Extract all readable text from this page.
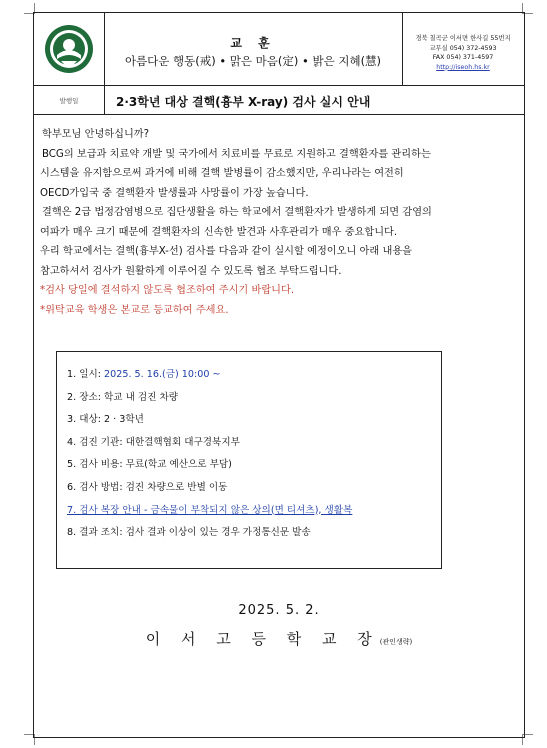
교 훈
아름다운 행동(戒) • 맑은 마음(定) • 밝은 지혜(慧)
경북 칠곡군 이서면 한사길 55번지
교무실 054) 372-4593
FAX 054) 371-4597
http://iseoh.hs.kr
발행일	2·3학년 대상 결핵(흉부 X-ray) 검사 실시 안내

학부모님 안녕하십니까?

BCG의 보급과 치료약 개발 및 국가에서 치료비를 무료로 지원하고 결핵환자를 관리하는

시스템을 유지함으로써 과거에 비해 결핵 발병률이 감소했지만, 우리나라는 여전히

OECD가입국 중 결핵환자 발생률과 사망률이 가장 높습니다.

결핵은 2급 법정감염병으로 집단생활을 하는 학교에서 결핵환자가 발생하게 되면 감염의

여파가 매우 크기 때문에 결핵환자의 신속한 발견과 사후관리가 매우 중요합니다.

우리 학교에서는 결핵(흉부X-선) 검사를 다음과 같이 실시할 예정이오니 아래 내용을

참고하셔서 검사가 원활하게 이루어질 수 있도록 협조 부탁드립니다.

*검사 당일에 결석하지 않도록 협조하여 주시기 바랍니다.

*위탁교육 학생은 본교로 등교하여 주세요.

1. 일시: 2025. 5. 16.(금) 10:00 ~
2. 장소: 학교 내 검진 차량
3. 대상: 2 · 3학년
4. 검진 기관: 대한결핵협회 대구경북지부
5. 검사 비용: 무료(학교 예산으로 부담)
6. 검사 방법: 검진 차량으로 반별 이동
7. 검사 복장 안내 - 금속물이 부착되지 않은 상의(면 티셔츠), 생활복
8. 결과 조치: 검사 결과 이상이 있는 경우 가정통신문 발송
2025. 5. 2.
이 서 고 등 학 교 장(관인생략)
